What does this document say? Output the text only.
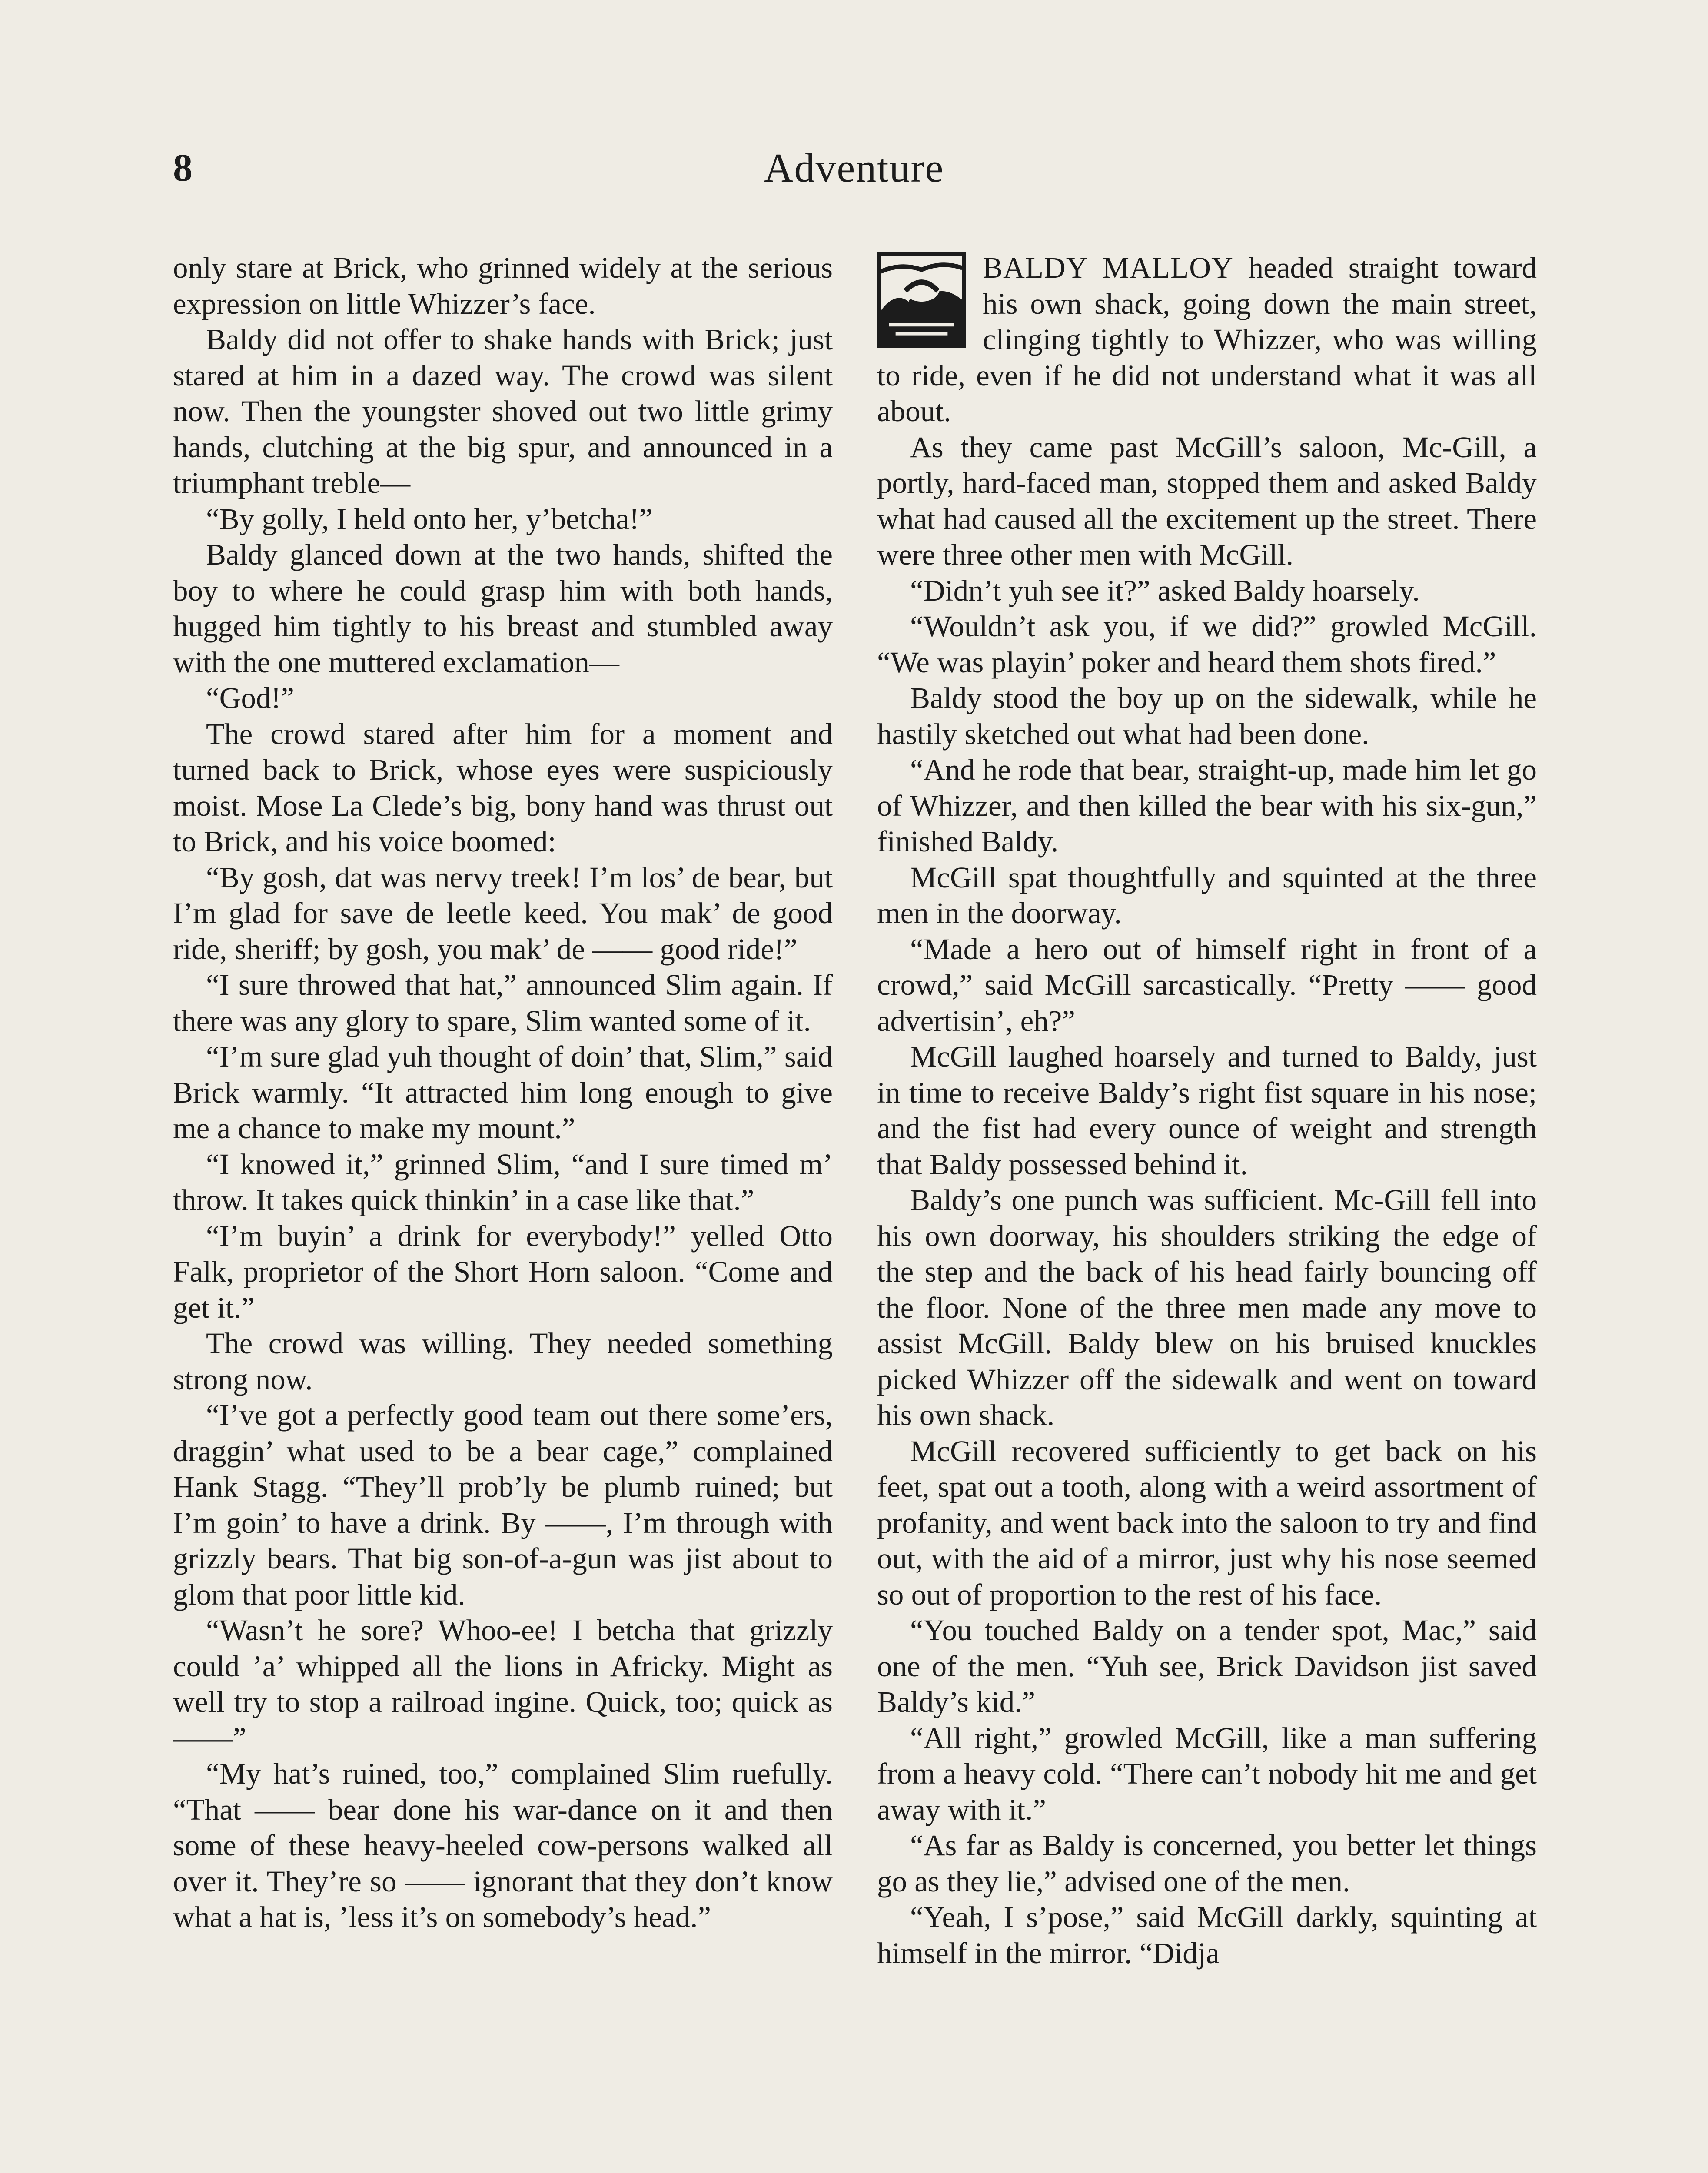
8	Adventure

only stare at Brick, who grinned widely at the serious expression on little Whizzer’s face.

Baldy did not offer to shake hands with Brick; just stared at him in a dazed way. The crowd was silent now. Then the youngster shoved out two little grimy hands, clutching at the big spur, and announced in a triumphant treble—

“By golly, I held onto her, y’betcha!”

Baldy glanced down at the two hands, shifted the boy to where he could grasp him with both hands, hugged him tightly to his breast and stumbled away with the one muttered exclamation—

“God!”

The crowd stared after him for a moment and turned back to Brick, whose eyes were suspiciously moist. Mose La Clede’s big, bony hand was thrust out to Brick, and his voice boomed:

“By gosh, dat was nervy treek! I’m los’ de bear, but I’m glad for save de leetle keed. You mak’ de good ride, sheriff; by gosh, you mak’ de —— good ride!”

“I sure throwed that hat,” announced Slim again. If there was any glory to spare, Slim wanted some of it.

“I’m sure glad yuh thought of doin’ that, Slim,” said Brick warmly. “It attracted him long enough to give me a chance to make my mount.”

“I knowed it,” grinned Slim, “and I sure timed m’ throw. It takes quick thinkin’ in a case like that.”

“I’m buyin’ a drink for everybody!” yelled Otto Falk, proprietor of the Short Horn saloon. “Come and get it.”

The crowd was willing. They needed something strong now.

“I’ve got a perfectly good team out there some’ers, draggin’ what used to be a bear cage,” complained Hank Stagg. “They’ll prob’ly be plumb ruined; but I’m goin’ to have a drink. By ——, I’m through with grizzly bears. That big son-of-a-gun was jist about to glom that poor little kid.

“Wasn’t he sore? Whoo-ee! I betcha that grizzly could ’a’ whipped all the lions in Africky. Might as well try to stop a railroad ingine. Quick, too; quick as——”

“My hat’s ruined, too,” complained Slim ruefully. “That —— bear done his war-dance on it and then some of these heavy-heeled cow-persons walked all over it. They’re so —— ignorant that they don’t know what a hat is, ’less it’s on somebody’s head.”

BALDY MALLOY headed straight toward his own shack, going down the main street, clinging tightly to Whizzer, who was willing to ride, even if he did not understand what it was all about.

As they came past McGill’s saloon, Mc-Gill, a portly, hard-faced man, stopped them and asked Baldy what had caused all the excitement up the street. There were three other men with McGill.

“Didn’t yuh see it?” asked Baldy hoarsely.

“Wouldn’t ask you, if we did?” growled McGill. “We was playin’ poker and heard them shots fired.”

Baldy stood the boy up on the sidewalk, while he hastily sketched out what had been done.

“And he rode that bear, straight-up, made him let go of Whizzer, and then killed the bear with his six-gun,” finished Baldy.

McGill spat thoughtfully and squinted at the three men in the doorway.

“Made a hero out of himself right in front of a crowd,” said McGill sarcastically. “Pretty —— good advertisin’, eh?”

McGill laughed hoarsely and turned to Baldy, just in time to receive Baldy’s right fist square in his nose; and the fist had every ounce of weight and strength that Baldy possessed behind it.

Baldy’s one punch was sufficient. Mc-Gill fell into his own doorway, his shoulders striking the edge of the step and the back of his head fairly bouncing off the floor. None of the three men made any move to assist McGill. Baldy blew on his bruised knuckles picked Whizzer off the sidewalk and went on toward his own shack.

McGill recovered sufficiently to get back on his feet, spat out a tooth, along with a weird assortment of profanity, and went back into the saloon to try and find out, with the aid of a mirror, just why his nose seemed so out of proportion to the rest of his face.

“You touched Baldy on a tender spot, Mac,” said one of the men. “Yuh see, Brick Davidson jist saved Baldy’s kid.”

“All right,” growled McGill, like a man suffering from a heavy cold. “There can’t nobody hit me and get away with it.”

“As far as Baldy is concerned, you better let things go as they lie,” advised one of the men.

“Yeah, I s’pose,” said McGill darkly, squinting at himself in the mirror. “Didja
